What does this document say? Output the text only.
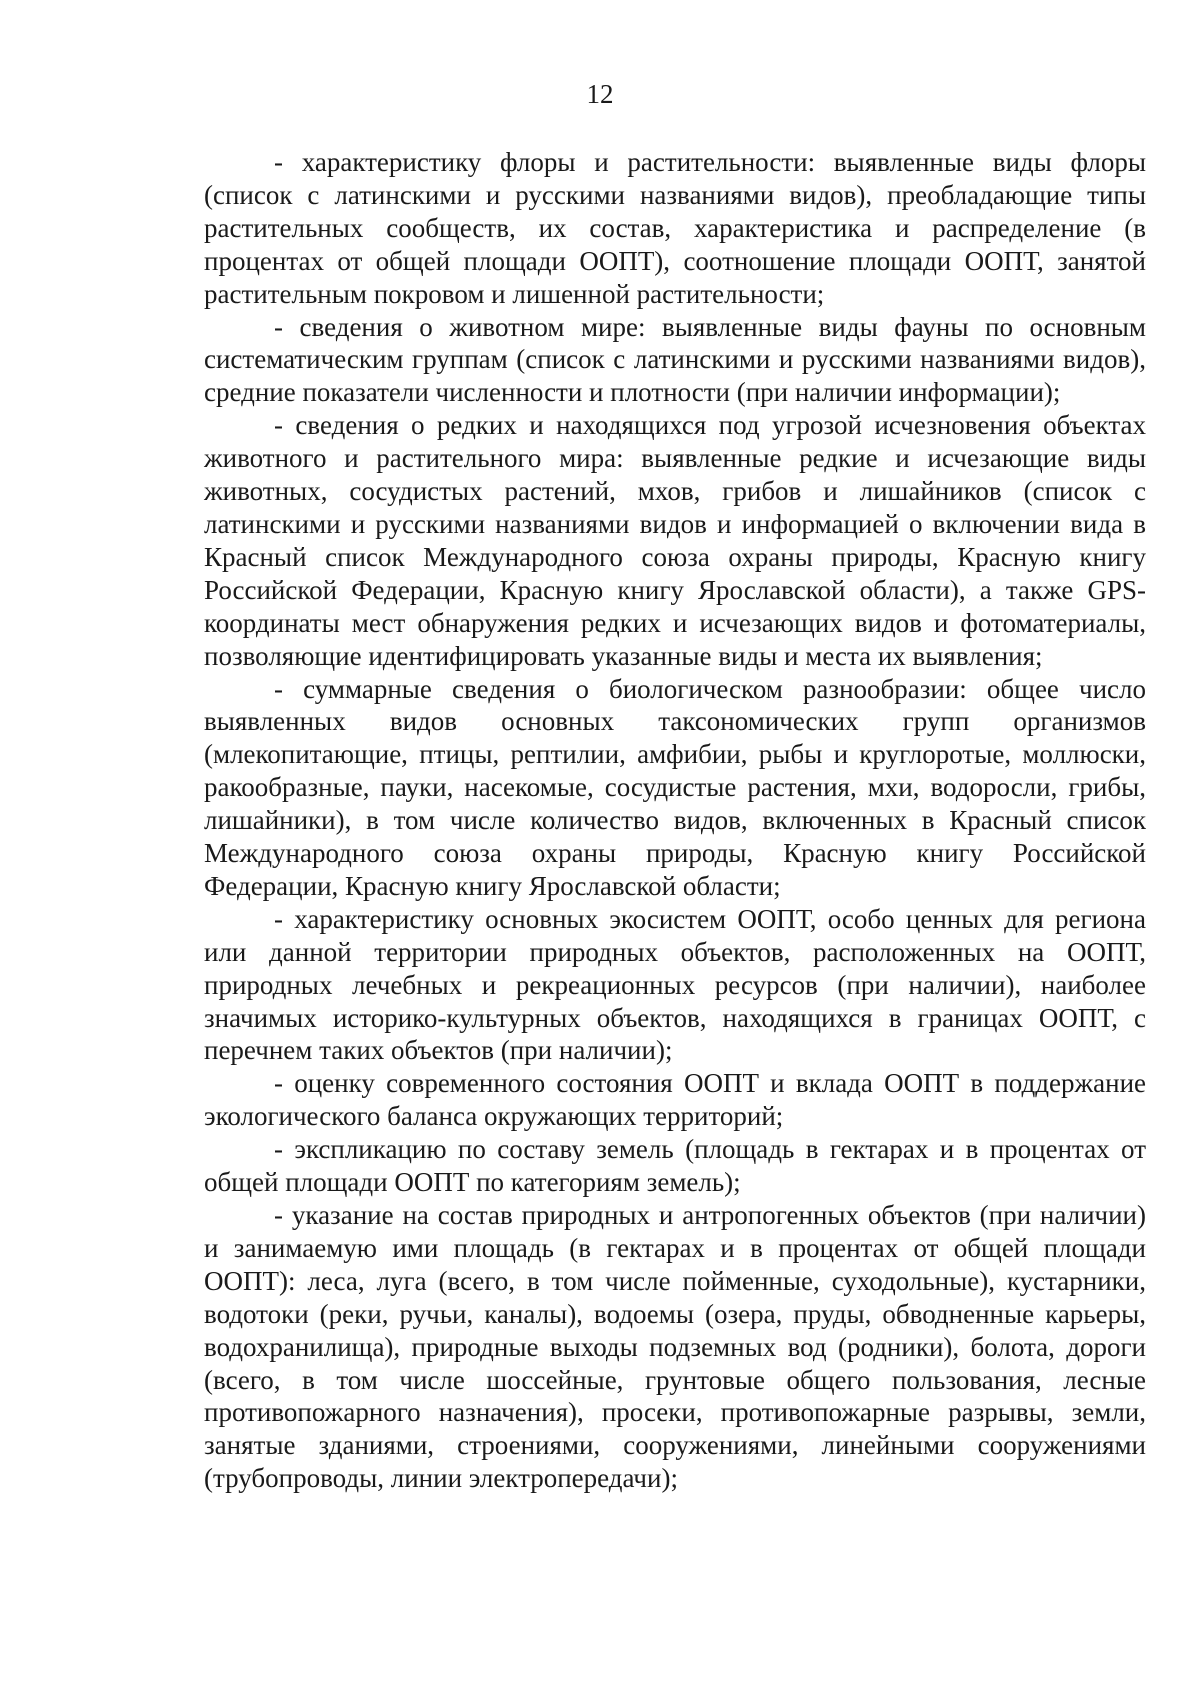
12

- характеристику флоры и растительности: выявленные виды флоры (список с латинскими и русскими названиями видов), преобладающие типы растительных сообществ, их состав, характеристика и распределение (в процентах от общей площади ООПТ), соотношение площади ООПТ, занятой растительным покровом и лишенной растительности;

- сведения о животном мире: выявленные виды фауны по основным систематическим группам (список с латинскими и русскими названиями видов), средние показатели численности и плотности (при наличии информации);

- сведения о редких и находящихся под угрозой исчезновения объектах животного и растительного мира: выявленные редкие и исчезающие виды животных, сосудистых растений, мхов, грибов и лишайников (список с латинскими и русскими названиями видов и информацией о включении вида в Красный список Международного союза охраны природы, Красную книгу Российской Федерации, Красную книгу Ярославской области), а также GPS-координаты мест обнаружения редких и исчезающих видов и фотоматериалы, позволяющие идентифицировать указанные виды и места их выявления;

- суммарные сведения о биологическом разнообразии: общее число выявленных видов основных таксономических групп организмов (млекопитающие, птицы, рептилии, амфибии, рыбы и круглоротые, моллюски, ракообразные, пауки, насекомые, сосудистые растения, мхи, водоросли, грибы, лишайники), в том числе количество видов, включенных в Красный список Международного союза охраны природы, Красную книгу Российской Федерации, Красную книгу Ярославской области;

- характеристику основных экосистем ООПТ, особо ценных для региона или данной территории природных объектов, расположенных на ООПТ, природных лечебных и рекреационных ресурсов (при наличии), наиболее значимых историко-культурных объектов, находящихся в границах ООПТ, с перечнем таких объектов (при наличии);

- оценку современного состояния ООПТ и вклада ООПТ в поддержание экологического баланса окружающих территорий;

- экспликацию по составу земель (площадь в гектарах и в процентах от общей площади ООПТ по категориям земель);

- указание на состав природных и антропогенных объектов (при наличии) и занимаемую ими площадь (в гектарах и в процентах от общей площади ООПТ): леса, луга (всего, в том числе пойменные, суходольные), кустарники, водотоки (реки, ручьи, каналы), водоемы (озера, пруды, обводненные карьеры, водохранилища), природные выходы подземных вод (родники), болота, дороги (всего, в том числе шоссейные, грунтовые общего пользования, лесные противопожарного назначения), просеки, противопожарные разрывы, земли, занятые зданиями, строениями, сооружениями, линейными сооружениями (трубопроводы, линии электропередачи);
